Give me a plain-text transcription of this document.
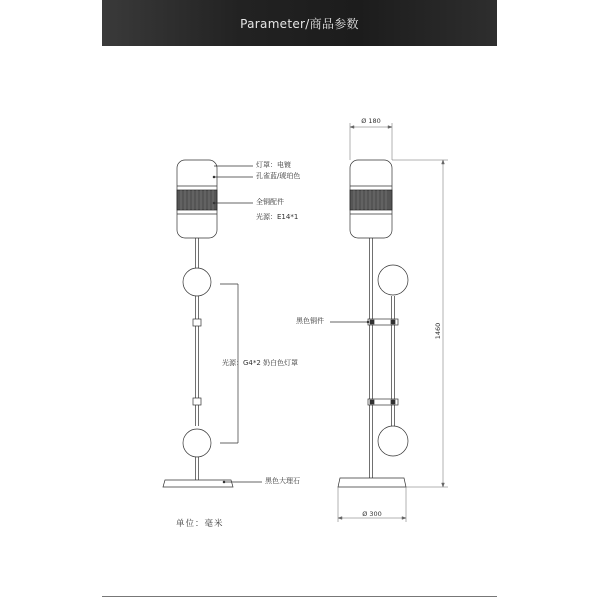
Parameter/商品参数
Ø 180
1460
Ø 300
灯罩：电镀
孔雀蓝/琥珀色
全铜配件
光源：E14*1
光源：G4*2 奶白色灯罩
黑色大理石
黑色铜件
单位：毫米
